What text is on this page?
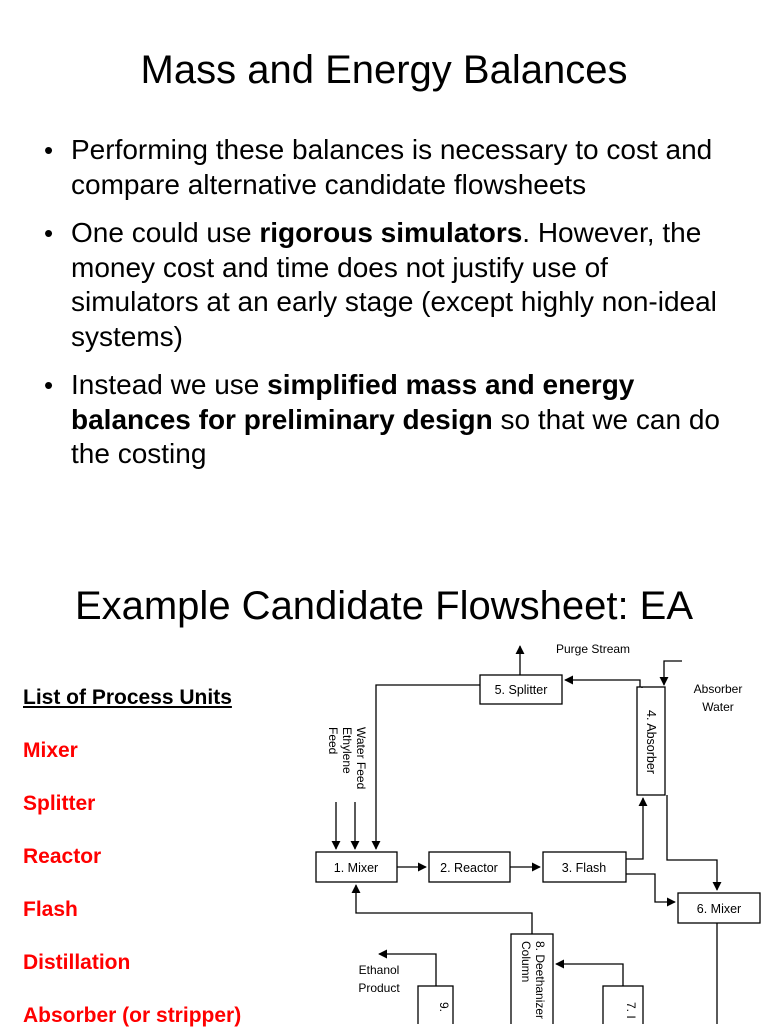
Mass and Energy Balances
• Performing these balances is necessary to cost and compare alternative candidate flowsheets
• One could use rigorous simulators. However, the money cost and time does not justify use of simulators at an early stage (except highly non-ideal systems)
• Instead we use simplified mass and energy balances for preliminary design so that we can do the costing
Example Candidate Flowsheet: EA
List of Process Units
Mixer
Splitter
Reactor
Flash
Distillation
Absorber (or stripper)
Purge Stream
5. Splitter	Absorber
Water
4. Absorber
Water Feed
Ethylene
Feed
1. Mixer	2. Reactor	3. Flash
6. Mixer
Ethanol
Product	8. Deethanizer
Column
9.	7. I
